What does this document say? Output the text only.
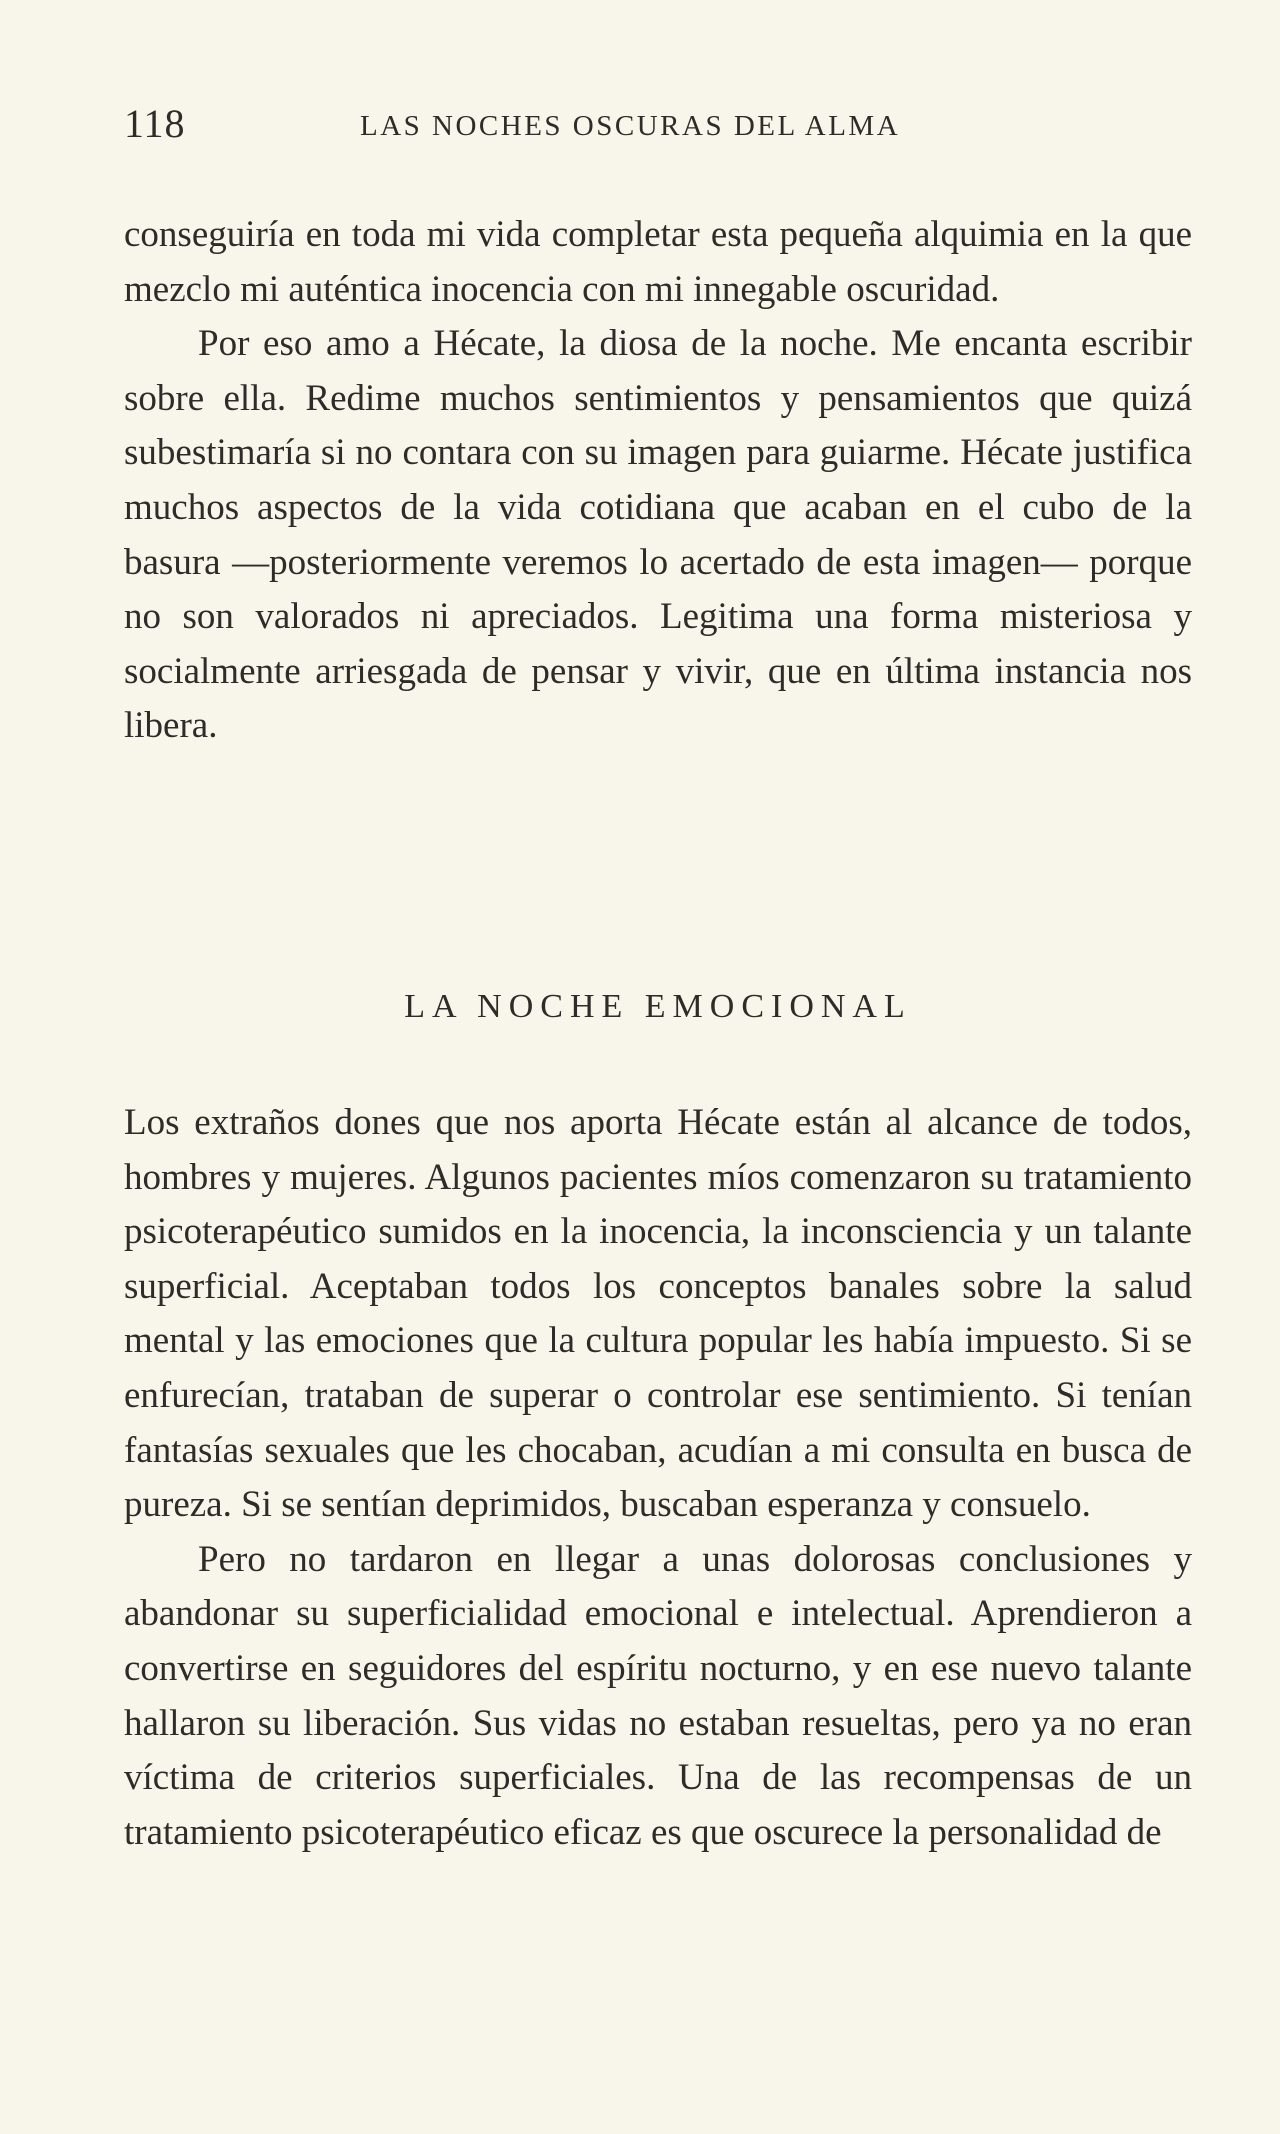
118	LAS NOCHES OSCURAS DEL ALMA

conseguiría en toda mi vida completar esta pequeña alquimia en la que mezclo mi auténtica inocencia con mi innegable oscuridad.

Por eso amo a Hécate, la diosa de la noche. Me encanta escribir sobre ella. Redime muchos sentimientos y pensamientos que quizá subestimaría si no contara con su imagen para guiarme. Hécate justifica muchos aspectos de la vida cotidiana que acaban en el cubo de la basura —posteriormente veremos lo acertado de esta imagen— porque no son valorados ni apreciados. Legitima una forma misteriosa y socialmente arriesgada de pensar y vivir, que en última instancia nos libera.

LA NOCHE EMOCIONAL

Los extraños dones que nos aporta Hécate están al alcance de todos, hombres y mujeres. Algunos pacientes míos comenzaron su tratamiento psicoterapéutico sumidos en la inocencia, la inconsciencia y un talante superficial. Aceptaban todos los conceptos banales sobre la salud mental y las emociones que la cultura popular les había impuesto. Si se enfurecían, trataban de superar o controlar ese sentimiento. Si tenían fantasías sexuales que les chocaban, acudían a mi consulta en busca de pureza. Si se sentían deprimidos, buscaban esperanza y consuelo.

Pero no tardaron en llegar a unas dolorosas conclusiones y abandonar su superficialidad emocional e intelectual. Aprendieron a convertirse en seguidores del espíritu nocturno, y en ese nuevo talante hallaron su liberación. Sus vidas no estaban resueltas, pero ya no eran víctima de criterios superficiales. Una de las recompensas de un tratamiento psicoterapéutico eficaz es que oscurece la personalidad de
